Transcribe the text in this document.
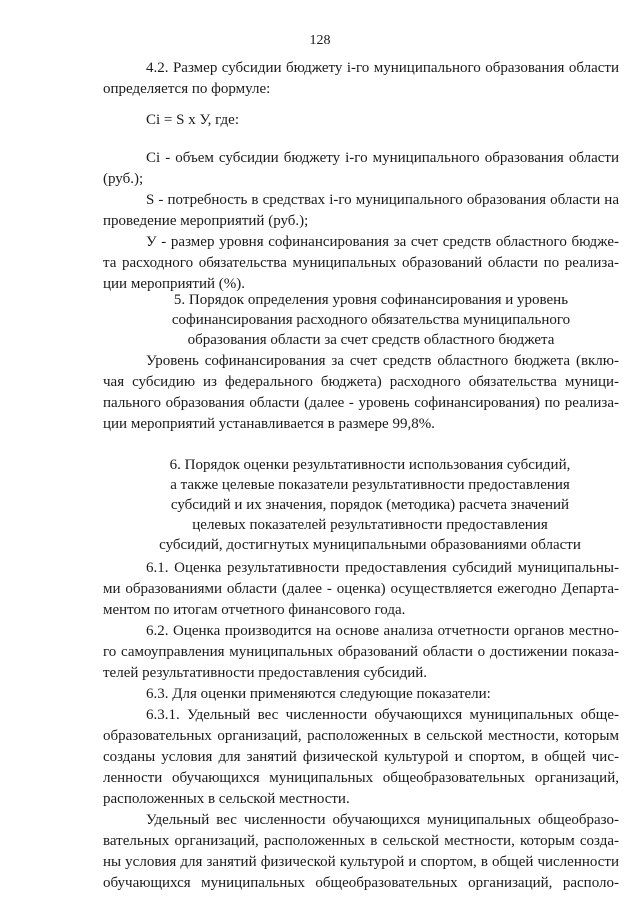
128
4.2. Размер субсидии бюджету i-го муниципального образования области
определяется по формуле:
Ci = S х У, где:
Ci - объем субсидии бюджету i-го муниципального образования области
(руб.);
S - потребность в средствах i-го муниципального образования области на
проведение мероприятий (руб.);
У - размер уровня софинансирования за счет средств областного бюдже-
та расходного обязательства муниципальных образований области по реализа-
ции мероприятий (%).
5. Порядок определения уровня софинансирования и уровень
софинансирования расходного обязательства муниципального
образования области за счет средств областного бюджета
Уровень софинансирования за счет средств областного бюджета (вклю-
чая субсидию из федерального бюджета) расходного обязательства муници-
пального образования области (далее - уровень софинансирования) по реализа-
ции мероприятий устанавливается в размере 99,8%.
6. Порядок оценки результативности использования субсидий,
а также целевые показатели результативности предоставления
субсидий и их значения, порядок (методика) расчета значений
целевых показателей результативности предоставления
субсидий, достигнутых муниципальными образованиями области
6.1. Оценка результативности предоставления субсидий муниципальны-
ми образованиями области (далее - оценка) осуществляется ежегодно Департа-
ментом по итогам отчетного финансового года.
6.2. Оценка производится на основе анализа отчетности органов местно-
го самоуправления муниципальных образований области о достижении показа-
телей результативности предоставления субсидий.
6.3. Для оценки применяются следующие показатели:
6.3.1. Удельный вес численности обучающихся муниципальных обще-
образовательных организаций, расположенных в сельской местности, которым
созданы условия для занятий физической культурой и спортом, в общей чис-
ленности обучающихся муниципальных общеобразовательных организаций,
расположенных в сельской местности.
Удельный вес численности обучающихся муниципальных общеобразо-
вательных организаций, расположенных в сельской местности, которым созда-
ны условия для занятий физической культурой и спортом, в общей численности
обучающихся муниципальных общеобразовательных организаций, располо-
